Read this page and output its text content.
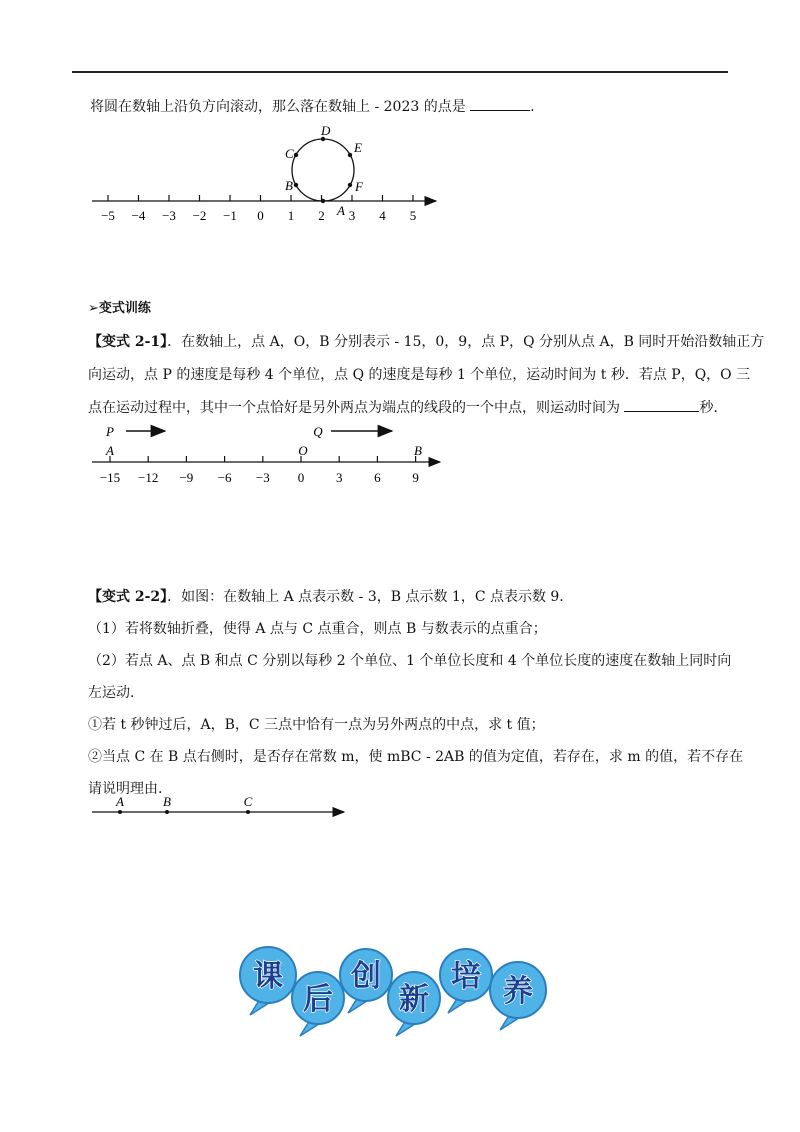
将圆在数轴上沿负方向滚动，那么落在数轴上 - 2023 的点是	.
−5 −4 −3 −2 −1 0 1 2 3 4 5
A
B
C
D
E
F
➢变式训练
【变式 2-1】．在数轴上，点 A，O，B 分别表示 - 15，0，9，点 P，Q 分别从点 A，B 同时开始沿数轴正方
向运动，点 P 的速度是每秒 4 个单位，点 Q 的速度是每秒 1 个单位，运动时间为 t 秒．若点 P，Q，O 三
点在运动过程中，其中一个点恰好是另外两点为端点的线段的一个中点，则运动时间为	秒．
−15 −12 −9 −6 −3 0 3 6 9
P	Q
A	O	B
【变式 2-2】．如图：在数轴上 A 点表示数 - 3，B 点示数 1，C 点表示数 9．
（1）若将数轴折叠，使得 A 点与 C 点重合，则点 B 与数表示的点重合；
（2）若点 A、点 B 和点 C 分别以每秒 2 个单位、1 个单位长度和 4 个单位长度的速度在数轴上同时向
左运动.
①若 t 秒钟过后，A，B，C 三点中恰有一点为另外两点的中点，求 t 值；
②当点 C 在 B 点右侧时，是否存在常数 m，使 mBC - 2AB 的值为定值，若存在，求 m 的值，若不存在
请说明理由.
A	B	C
课
后
创
新
培 养
